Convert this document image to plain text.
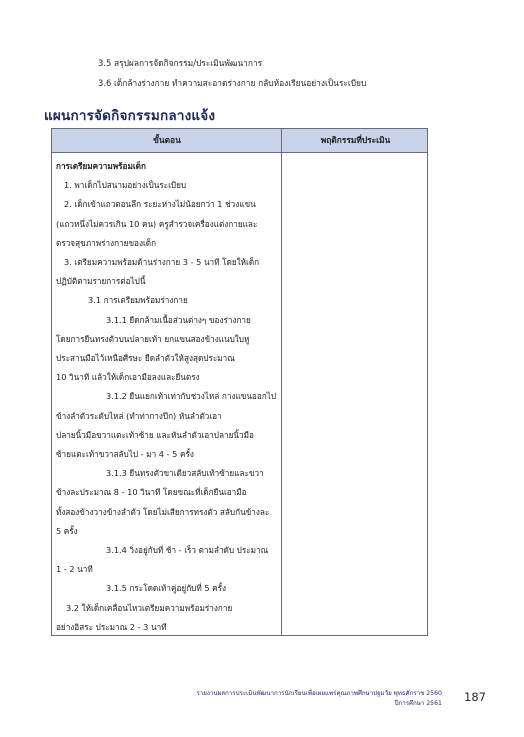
3.5 สรุปผลการจัดกิจกรรม/ประเมินพัฒนาการ
3.6 เด็กล้างร่างกาย ทำความสะอาดร่างกาย กลับห้องเรียนอย่างเป็นระเบียบ
แผนการจัดกิจกรรมกลางแจ้ง
ขั้นตอน	พฤติกรรมที่ประเมิน
การเตรียมความพร้อมเด็ก
1. พาเด็กไปสนามอย่างเป็นระเบียบ
2. เด็กเข้าแถวตอนลึก ระยะห่างไม่น้อยกว่า 1 ช่วงแขน
(แถวหนึ่งไม่ควรเกิน 10 คน) ครูสำรวจเครื่องแต่งกายและ
ตรวจสุขภาพร่างกายของเด็ก
3. เตรียมความพร้อมด้านร่างกาย 3 - 5 นาที โดยให้เด็ก
ปฏิบัติตามรายการต่อไปนี้
3.1 การเตรียมพร้อมร่างกาย
3.1.1 ยืดกล้ามเนื้อส่วนต่างๆ ของร่างกาย
โดยการยืนทรงตัวบนปลายเท้า ยกแขนสองข้างแนบใบหู
ประสานมือไว้เหนือศีรษะ ยืดลำตัวให้สูงสุดประมาณ
10 วินาที แล้วให้เด็กเอามือลงและยืนตรง
3.1.2 ยืนแยกเท้าเท่ากับช่วงไหล่ กางแขนออกไป
ข้างลำตัวระดับไหล่ (ทำท่ากางปีก) หันลำตัวเอา
ปลายนิ้วมือขวาแตะเท้าซ้าย และหันลำตัวเอาปลายนิ้วมือ
ซ้ายแตะเท้าขวาสลับไป - มา 4 - 5 ครั้ง
3.1.3 ยืนทรงตัวขาเดียวสลับเท้าซ้ายและขวา
ข้างละประมาณ 8 - 10 วินาที โดยขณะที่เด็กยืนเอามือ
ทั้งสองข้างวางข้างลำตัว โดยไม่เสียการทรงตัว สลับกันข้างละ
5 ครั้ง
3.1.4 วิ่งอยู่กับที่ ช้า - เร็ว ตามลำดับ ประมาณ
1 - 2 นาที
3.1.5 กระโดดเท้าคู่อยู่กับที่ 5 ครั้ง
3.2 ให้เด็กเคลื่อนไหวเตรียมความพร้อมร่างกาย
อย่างอิสระ ประมาณ 2 - 3 นาที
รายงานผลการประเมินพัฒนาการนักเรียนเพื่อเผยแพร่คุณภาพศึกษาปฐมวัย พุทธศักราช 2560
ปีการศึกษา 2561 187
